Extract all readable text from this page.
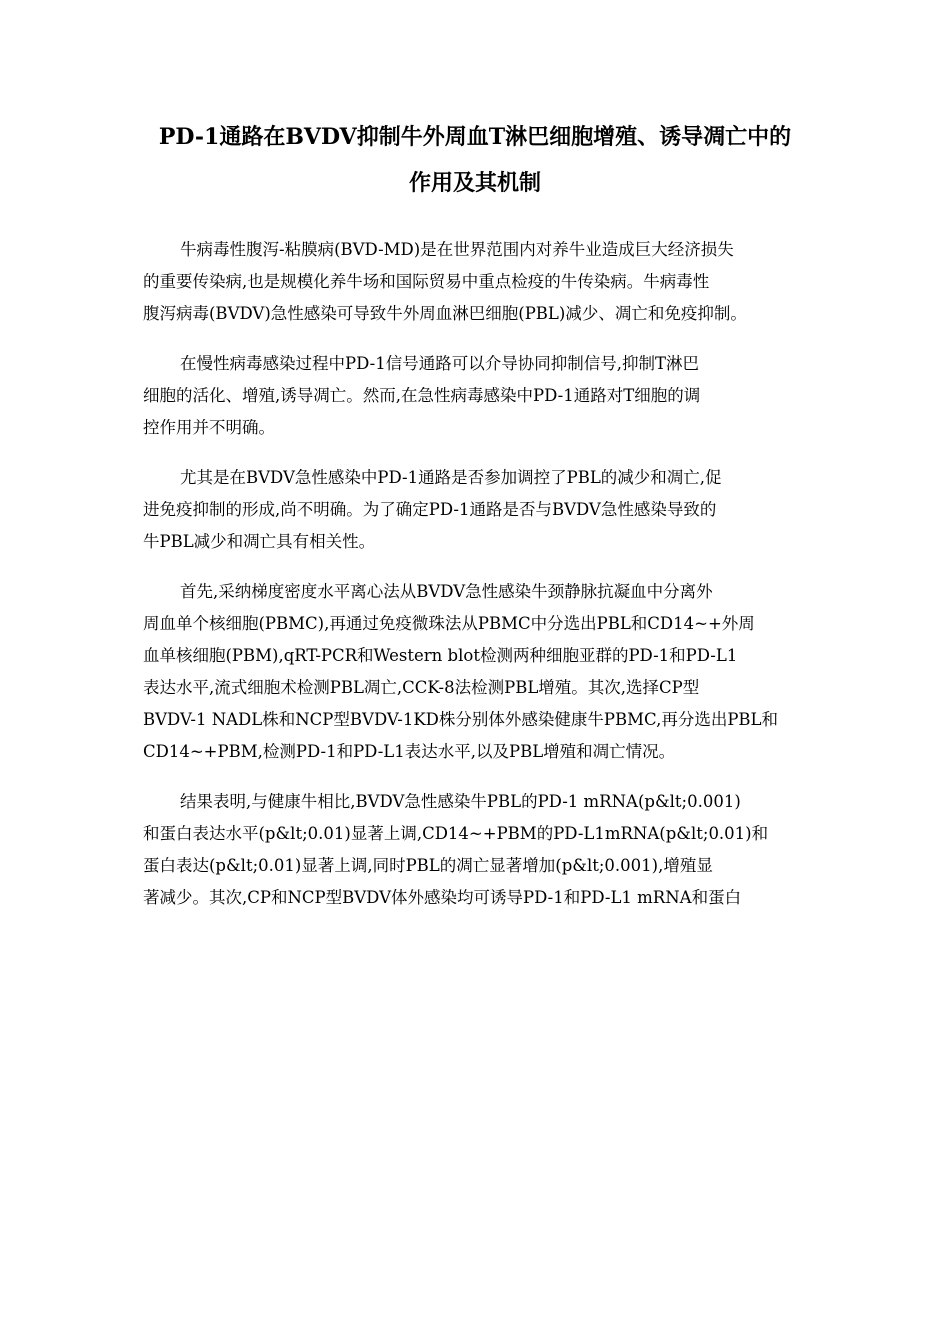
PD-1通路在BVDV抑制牛外周血T淋巴细胞增殖、诱导凋亡中的
作用及其机制
牛病毒性腹泻-粘膜病(BVD-MD)是在世界范围内对养牛业造成巨大经济损失
的重要传染病,也是规模化养牛场和国际贸易中重点检疫的牛传染病。牛病毒性
腹泻病毒(BVDV)急性感染可导致牛外周血淋巴细胞(PBL)减少、凋亡和免疫抑制。
在慢性病毒感染过程中PD-1信号通路可以介导协同抑制信号,抑制T淋巴
细胞的活化、增殖,诱导凋亡。然而,在急性病毒感染中PD-1通路对T细胞的调
控作用并不明确。
尤其是在BVDV急性感染中PD-1通路是否参加调控了PBL的减少和凋亡,促
进免疫抑制的形成,尚不明确。为了确定PD-1通路是否与BVDV急性感染导致的
牛PBL减少和凋亡具有相关性。
首先,采纳梯度密度水平离心法从BVDV急性感染牛颈静脉抗凝血中分离外
周血单个核细胞(PBMC),再通过免疫微珠法从PBMC中分选出PBL和CD14~+外周
血单核细胞(PBM),qRT-PCR和Western blot检测两种细胞亚群的PD-1和PD-L1
表达水平,流式细胞术检测PBL凋亡,CCK-8法检测PBL增殖。其次,选择CP型
BVDV-1 NADL株和NCP型BVDV-1KD株分别体外感染健康牛PBMC,再分选出PBL和
CD14~+PBM,检测PD-1和PD-L1表达水平,以及PBL增殖和凋亡情况。
结果表明,与健康牛相比,BVDV急性感染牛PBL的PD-1 mRNA(p&lt;0.001)
和蛋白表达水平(p&lt;0.01)显著上调,CD14~+PBM的PD-L1mRNA(p&lt;0.01)和
蛋白表达(p&lt;0.01)显著上调,同时PBL的凋亡显著增加(p&lt;0.001),增殖显
著减少。其次,CP和NCP型BVDV体外感染均可诱导PD-1和PD-L1 mRNA和蛋白
